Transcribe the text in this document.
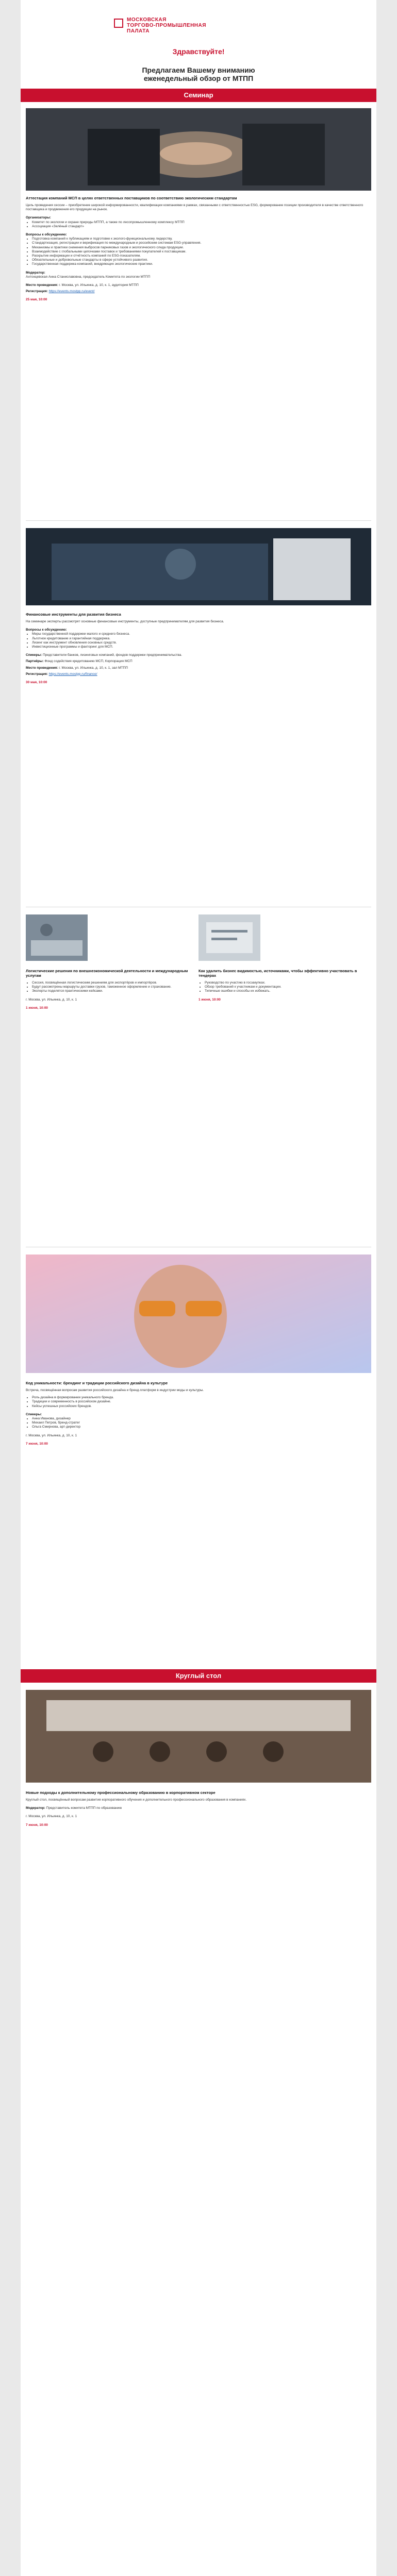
МОСКОВСКАЯ
ТОРГОВО-ПРОМЫШЛЕННАЯ
ПАЛАТА
Здравствуйте!
Предлагаем Вашему вниманию
еженедельный обзор от МТПП
Семинар
Аттестация компаний МСП в целях ответственных поставщиков по соответствию экологическим стандартам
Цель проведения сессии – приобретение широкой информированности, квалификации компаниями в рамках, связанными с ответственностью ESG, формирование позиции производителя в качестве ответственного поставщика и продвижения его продукции на рынок.
Организаторы:
• Комитет по экологии и охране природы МТПП, а также по лесопромышленному комплексу МТПП
• Ассоциация «Зелёный стандарт»
Вопросы к обсуждению:
• Подготовка компаний к публикациям и подготовке к эколого-функциональному лидерству.
• Стандартизация, регистрации и верификация по международным и российским системам ESG-управления.
• Механизмы и практики снижения выбросов парниковых газов и экологического следа продукции.
• Взаимодействие с глобальными цепочками поставок и требованиями покупателей к поставщикам.
• Раскрытие информации и отчётность компаний по ESG-показателям.
• Обязательные и добровольные стандарты в сфере устойчивого развития.
• Государственная поддержка компаний, внедряющих экологические практики.
Модератор:
Антонцевская Анна Станиславовна, председатель Комитета по экологии МТПП
Место проведения: г. Москва, ул. Ильинка, д. 10, к. 1, аудитория МТПП
Регистрация: https://events.mostpp.ru/event/
25 мая, 10:00
Финансовые инструменты для развития бизнеса
На семинаре эксперты рассмотрят основные финансовые инструменты, доступные предпринимателям для развития бизнеса.
Вопросы к обсуждению:
• Меры государственной поддержки малого и среднего бизнеса.
• Льготное кредитование и гарантийная поддержка.
• Лизинг как инструмент обновления основных средств.
• Инвестиционные программы и факторинг для МСП.
Спикеры: Представители банков, лизинговых компаний, фондов поддержки предпринимательства.
Партнёры: Фонд содействия кредитованию МСП, Корпорация МСП
Место проведения: г. Москва, ул. Ильинка, д. 10, к. 1, зал МТПП
Регистрация: https://events.mostpp.ru/finance/
30 мая, 10:00
Логистические решения по внешнеэкономической деятельности и международным услугам
• Сессия, посвящённая логистическим решениям для экспортёров и импортёров.
• Будут рассмотрены маршруты доставки грузов, таможенное оформление и страхование.
• Эксперты поделятся практическими кейсами.
г. Москва, ул. Ильинка, д. 10, к. 1
1 июня, 10:00
Как удалить бизнес видимостью, источниками, чтобы эффективно участвовать в тендерах
• Руководство по участию в госзакупках.
• Обзор требований к участникам и документации.
• Типичные ошибки и способы их избежать.
1 июня, 10:00
Код уникальности: брендинг и традиции российского дизайна в культуре
Встреча, посвящённая вопросам развития российского дизайна и бренд-платформ в индустрии моды и культуры.
• Роль дизайна в формировании уникального бренда.
• Традиции и современность в российском дизайне.
• Кейсы успешных российских брендов.
Спикеры:
• Анна Иванова, дизайнер
• Михаил Петров, бренд-стратег
• Ольга Смирнова, арт-директор
г. Москва, ул. Ильинка, д. 10, к. 1
7 июня, 10:00
Круглый стол
Новые подходы к дополнительному профессиональному образованию в корпоративном секторе
Круглый стол, посвящённый вопросам развития корпоративного обучения и дополнительного профессионального образования в компаниях.
Модератор: Представитель комитета МТПП по образованию
г. Москва, ул. Ильинка, д. 10, к. 1
7 июня, 10:00
